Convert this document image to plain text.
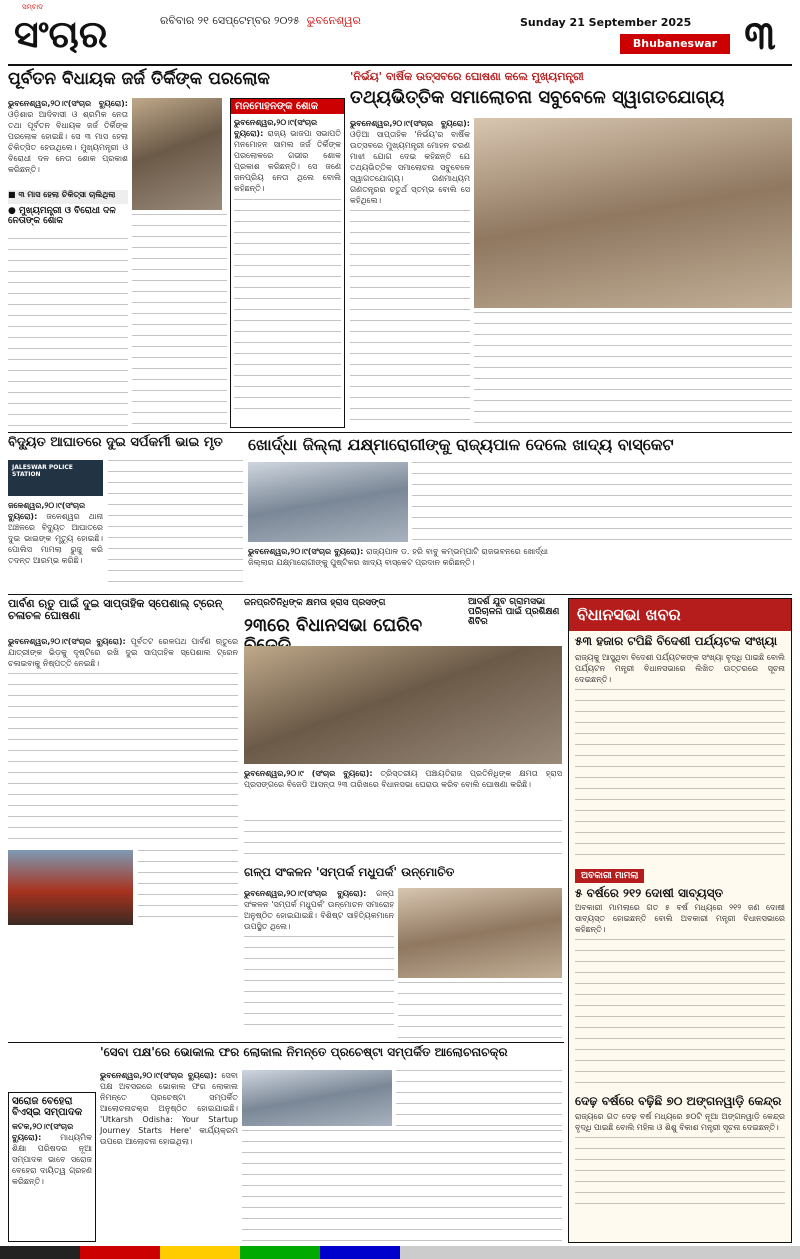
ସଂଚାର
ସମ୍ବାଦ
ରବିବାର ୨୧ ସେପ୍ଟେମ୍ବର ୨୦୨୫ ଭୁବନେଶ୍ୱର	Sunday 21 September 2025
Bhubaneswar ୩
ପୂର୍ବତନ ବିଧାୟକ ଜର୍ଜ ତିର୍କିଙ୍କ ପରଲୋକ
ଭୁବନେଶ୍ୱର,୨୦।୯(ସଂଚାର ବ୍ୟୁରୋ): ଓଡ଼ିଶାର ଆଦିବାସୀ ଓ ଶ୍ରମିକ ନେତା ତଥା ପୂର୍ବତନ ବିଧାୟକ ଜର୍ଜ ତିର୍କିଙ୍କ ପରଲୋକ ହୋଇଛି। ସେ ୩ ମାସ ହେଲା ଚିକିତ୍ସିତ ହେଉଥିଲେ। ମୁଖ୍ୟମନ୍ତ୍ରୀ ଓ ବିରୋଧୀ ଦଳ ନେତା ଶୋକ ପ୍ରକାଶ କରିଛନ୍ତି।
■ ୩ ମାସ ହେଲା ଚିକିତ୍ସା ଚାଲିଥିଲା
● ମୁଖ୍ୟମନ୍ତ୍ରୀ ଓ ବିରୋଧୀ ଦଳ ନେତାଙ୍କ ଶୋକ
ମନମୋହନଙ୍କ ଶୋକ
ଭୁବନେଶ୍ୱର,୨୦।୯(ସଂଚାର ବ୍ୟୁରୋ): ରାଜ୍ୟ ଭାଜପା ସଭାପତି ମନମୋହନ ସାମଲ ଜର୍ଜ ତିର୍କିଙ୍କ ପରଲୋକରେ ଗଭୀର ଶୋକ ପ୍ରକାଶ କରିଛନ୍ତି। ସେ ଜଣେ ଜନପ୍ରିୟ ନେତା ଥିଲେ ବୋଲି କହିଛନ୍ତି।
'ନିର୍ଭୟ' ବାର୍ଷିକ ଉତ୍ସବରେ ଘୋଷଣା କଲେ ମୁଖ୍ୟମନ୍ତ୍ରୀ
ତଥ୍ୟଭିତ୍ତିକ ସମାଲୋଚନା ସବୁବେଳେ ସ୍ୱାଗତଯୋଗ୍ୟ
ଭୁବନେଶ୍ୱର,୨୦।୯(ସଂଚାର ବ୍ୟୁରୋ): ଓଡ଼ିଆ ସାପ୍ତାହିକ 'ନିର୍ଭୟ'ର ବାର୍ଷିକ ଉତ୍ସବରେ ମୁଖ୍ୟମନ୍ତ୍ରୀ ମୋହନ ଚରଣ ମାଝୀ ଯୋଗ ଦେଇ କହିଛନ୍ତି ଯେ ତଥ୍ୟଭିତ୍ତିକ ସମାଲୋଚନା ସବୁବେଳେ ସ୍ୱାଗତଯୋଗ୍ୟ। ଗଣମାଧ୍ୟମ ଗଣତନ୍ତ୍ରର ଚତୁର୍ଥ ସ୍ତମ୍ଭ ବୋଲି ସେ କହିଥିଲେ।
ବିଦ୍ୟୁତ ଆଘାତରେ ଦୁଇ ସର୍ପକର୍ମୀ ଭାଇ ମୃତ
JALESWAR POLICE STATION
ଜଳେଶ୍ୱର,୨୦।୯(ସଂଚାର ବ୍ୟୁରୋ): ଜଳେଶ୍ୱର ଥାନା ଅଞ୍ଚଳରେ ବିଦ୍ୟୁତ ଆଘାତରେ ଦୁଇ ଭାଇଙ୍କ ମୃତ୍ୟୁ ହୋଇଛି। ପୋଲିସ ମାମଲା ରୁଜୁ କରି ତଦନ୍ତ ଆରମ୍ଭ କରିଛି।
ଖୋର୍ଦ୍ଧା ଜିଲ୍ଲା ଯକ୍ଷ୍ମାରୋଗୀଙ୍କୁ ରାଜ୍ୟପାଳ ଦେଲେ ଖାଦ୍ୟ ବାସ୍କେଟ
ଭୁବନେଶ୍ୱର,୨୦।୯(ସଂଚାର ବ୍ୟୁରୋ): ରାଜ୍ୟପାଳ ଡ. ହରି ବାବୁ କମ୍ଭମ୍ପାଟି ରାଜଭବନରେ ଖୋର୍ଦ୍ଧା ଜିଲ୍ଲାର ଯକ୍ଷ୍ମାରୋଗୀଙ୍କୁ ପୁଷ୍ଟିକର ଖାଦ୍ୟ ବାସ୍କେଟ ପ୍ରଦାନ କରିଛନ୍ତି।
ପାର୍ବଣ ଋତୁ ପାଇଁ ଦୁଇ ସାପ୍ତାହିକ ସ୍ପେଶାଲ୍ ଟ୍ରେନ୍ ଚଳାଚଳ ଘୋଷଣା
ଭୁବନେଶ୍ୱର,୨୦।୯(ସଂଚାର ବ୍ୟୁରୋ): ପୂର୍ବତଟ ରେଳପଥ ପାର୍ବଣ ଋତୁରେ ଯାତ୍ରୀଙ୍କ ଭିଡ଼କୁ ଦୃଷ୍ଟିରେ ରଖି ଦୁଇ ସାପ୍ତାହିକ ସ୍ପେଶାଲ ଟ୍ରେନ ଚଳାଇବାକୁ ନିଷ୍ପତ୍ତି ନେଇଛି।
ଜନପ୍ରତିନିଧିଙ୍କ କ୍ଷମତା ହ୍ରାସ ପ୍ରସଙ୍ଗ
୨୩ରେ ବିଧାନସଭା ଘେରିବ
ଭୁବନେଶ୍ୱର,୨୦।୯ (ସଂଚାର ବ୍ୟୁରୋ): ତ୍ରିସ୍ତରୀୟ ପଞ୍ଚାୟତିରାଜ ପ୍ରତିନିଧିଙ୍କ କ୍ଷମତା ହ୍ରାସ ପ୍ରସଙ୍ଗରେ ବିଜେଡି ଆସନ୍ତା ୨୩ ତାରିଖରେ ବିଧାନସଭା ଘେରାଉ କରିବ ବୋଲି ଘୋଷଣା କରିଛି।
ଆଦର୍ଶ ଯୁବ ଗ୍ରାମସଭା ପରିଚାଳନା ପାଇଁ ପ୍ରଶିକ୍ଷଣ ଶିବିର	ବିଧାନସଭା ଖବର
୫୩ ହଜାର ଟପିଛି ବିଦେଶୀ ପର୍ଯ୍ୟଟକ ସଂଖ୍ୟା
ରାଜ୍ୟକୁ ଆସୁଥିବା ବିଦେଶୀ ପର୍ଯ୍ୟଟକଙ୍କ ସଂଖ୍ୟା ବୃଦ୍ଧି ପାଇଛି ବୋଲି ପର୍ଯ୍ୟଟନ ମନ୍ତ୍ରୀ ବିଧାନସଭାରେ ଲିଖିତ ଉତ୍ତରରେ ସୂଚନା ଦେଇଛନ୍ତି।
ଅବକାରୀ ମାମଲା
୫ ବର୍ଷରେ ୨୧୨ ଦୋଷୀ ସାବ୍ୟସ୍ତ
ଅବକାରୀ ମାମଲାରେ ଗତ ୫ ବର୍ଷ ମଧ୍ୟରେ ୨୧୨ ଜଣ ଦୋଷୀ ସାବ୍ୟସ୍ତ ହୋଇଛନ୍ତି ବୋଲି ଅବକାରୀ ମନ୍ତ୍ରୀ ବିଧାନସଭାରେ କହିଛନ୍ତି।
ଦେଢ଼ ବର୍ଷରେ ବଢ଼ିଛି ୭୦ ଅଙ୍ଗନୱାଡ଼ି କେନ୍ଦ୍ର
ରାଜ୍ୟରେ ଗତ ଦେଢ଼ ବର୍ଷ ମଧ୍ୟରେ ୭୦ଟି ନୂଆ ଅଙ୍ଗନୱାଡ଼ି କେନ୍ଦ୍ର ବୃଦ୍ଧି ପାଇଛି ବୋଲି ମହିଳା ଓ ଶିଶୁ ବିକାଶ ମନ୍ତ୍ରୀ ସୂଚନା ଦେଇଛନ୍ତି।
ଗଳ୍ପ ସଂକଳନ 'ସମ୍ପର୍କ ମଧୁପର୍କ' ଉନ୍ମୋଚିତ
ଭୁବନେଶ୍ୱର,୨୦।୯(ସଂଚାର ବ୍ୟୁରୋ): ଗଳ୍ପ ସଂକଳନ 'ସମ୍ପର୍କ ମଧୁପର୍କ' ଉନ୍ମୋଚନ ସମାରୋହ ଅନୁଷ୍ଠିତ ହୋଇଯାଇଛି। ବିଶିଷ୍ଟ ସାହିତ୍ୟିକମାନେ ଉପସ୍ଥିତ ଥିଲେ।
'ସେବା ପକ୍ଷ'ରେ ଭୋକାଲ ଫର ଲୋକାଲ ନିମନ୍ତେ ପ୍ରଚେଷ୍ଟା ସମ୍ପର୍କିତ ଆଲୋଚନାଚକ୍ର
ଭୁବନେଶ୍ୱର,୨୦।୯(ସଂଚାର ବ୍ୟୁରୋ): ସେବା ପକ୍ଷ ଅବସରରେ ଭୋକାଲ ଫର ଲୋକାଲ ନିମନ୍ତେ ପ୍ରଚେଷ୍ଟା ସମ୍ପର୍କିତ ଆଲୋଚନାଚକ୍ର ଅନୁଷ୍ଠିତ ହୋଇଯାଇଛି। 'Utkarsh Odisha: Your Startup Journey Starts Here' କାର୍ଯ୍ୟକ୍ରମ ଉପରେ ଆଲୋଚନା ହୋଇଥିଲା।
ସରୋଜ ବେହେରା ବିଏସ୍ଇ ସମ୍ପାଦକ
କଟକ,୨୦।୯(ସଂଚାର ବ୍ୟୁରୋ): ମାଧ୍ୟମିକ ଶିକ୍ଷା ପରିଷଦର ନୂଆ ସମ୍ପାଦକ ଭାବେ ସରୋଜ ବେହେରା ଦାୟିତ୍ୱ ଗ୍ରହଣ କରିଛନ୍ତି।
